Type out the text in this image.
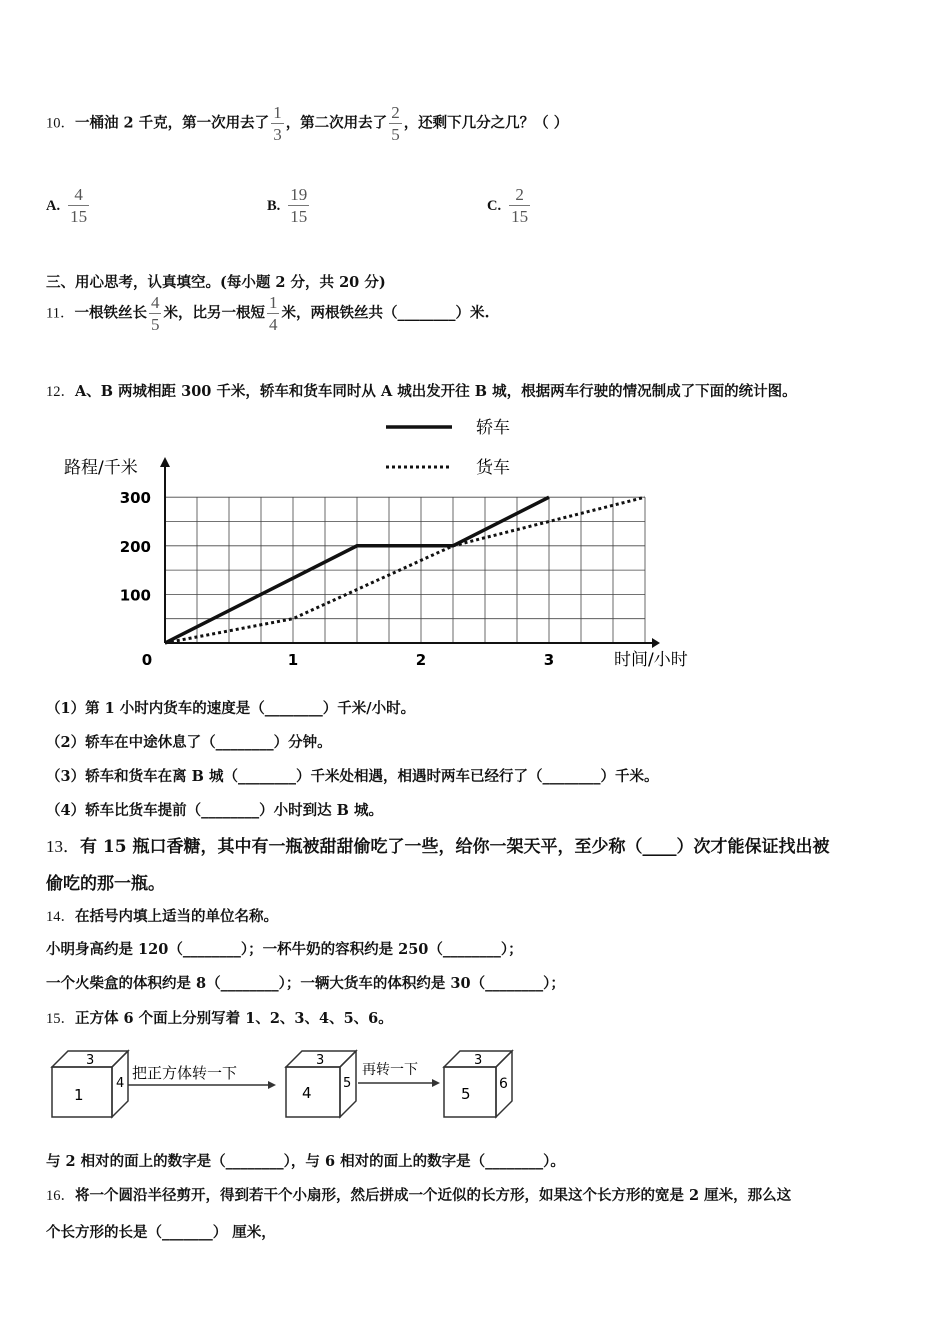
10．一桶油 2 千克，第一次用去了 $\frac{1}{3}$ ，第二次用去了 $\frac{2}{5}$ ，还剩下几分之几？（ ）
A. $\frac{4}{15}$	B. $\frac{19}{15}$	C. $\frac{2}{15}$
三、用心思考，认真填空。(每小题 2 分，共 20 分)
11．一根铁丝长 $\frac{4}{5}$ 米，比另一根短 $\frac{1}{4}$ 米，两根铁丝共（________）米.
12．A、B 两城相距 300 千米，轿车和货车同时从 A 城出发开往 B 城，根据两车行驶的情况制成了下面的统计图。
100
200
300
0	1	2	3
路程/千米
时间/小时
轿车
货车
（1）第 1 小时内货车的速度是（________）千米/小时。
（2）轿车在中途休息了（________）分钟。
（3）轿车和货车在离 B 城（________）千米处相遇，相遇时两车已经行了（________）千米。
（4）轿车比货车提前（________）小时到达 B 城。
13．有 15 瓶口香糖，其中有一瓶被甜甜偷吃了一些，给你一架天平，至少称（____）次才能保证找出被
偷吃的那一瓶。
14．在括号内填上适当的单位名称。
小明身高约是 120（________）；一杯牛奶的容积约是 250（________）；
一个火柴盒的体积约是 8（________）；一辆大货车的体积约是 30（________）；
15．正方体 6 个面上分别写着 1、2、3、4、5、6。
3
1
4
把正方体转一下
3
4
5
再转一下
3
5
6
与 2 相对的面上的数字是（________），与 6 相对的面上的数字是（________）。
16．将一个圆沿半径剪开，得到若干个小扇形，然后拼成一个近似的长方形，如果这个长方形的宽是 2 厘米，那么这
个长方形的长是（_______） 厘米，
